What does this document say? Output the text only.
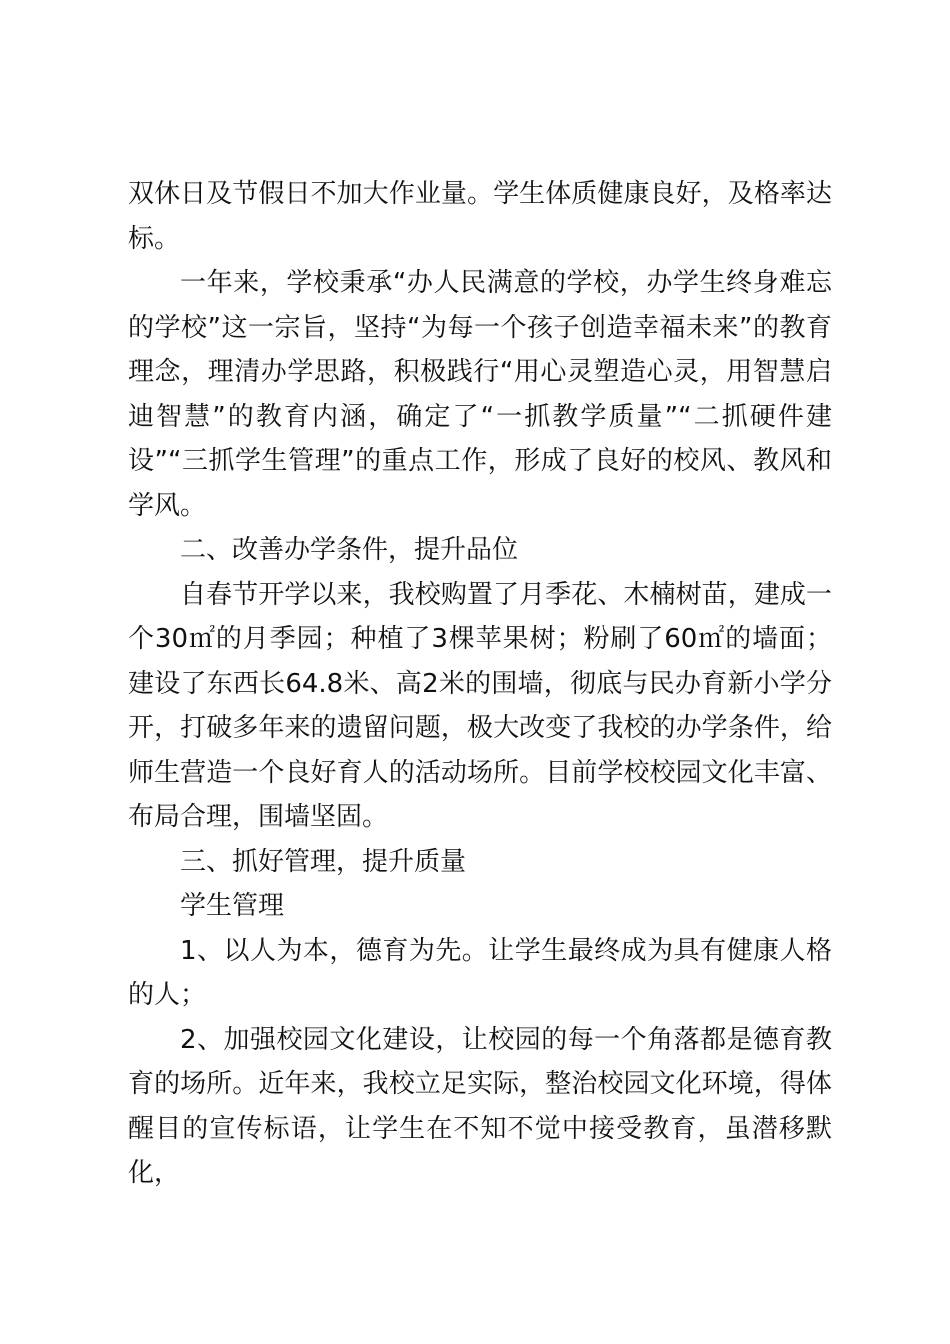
双休日及节假日不加大作业量。学生体质健康良好，及格率达标。

一年来，学校秉承“办人民满意的学校，办学生终身难忘的学校”这一宗旨，坚持“为每一个孩子创造幸福未来”的教育理念，理清办学思路，积极践行“用心灵塑造心灵，用智慧启迪智慧”的教育内涵，确定了“一抓教学质量”“二抓硬件建设”“三抓学生管理”的重点工作，形成了良好的校风、教风和学风。

二、改善办学条件，提升品位

自春节开学以来，我校购置了月季花、木楠树苗，建成一个30㎡的月季园；种植了3棵苹果树；粉刷了60㎡的墙面；建设了东西长64.8米、高2米的围墙，彻底与民办育新小学分开，打破多年来的遗留问题，极大改变了我校的办学条件，给师生营造一个良好育人的活动场所。目前学校校园文化丰富、布局合理，围墙坚固。

三、抓好管理，提升质量

学生管理

1、以人为本，德育为先。让学生最终成为具有健康人格的人；

2、加强校园文化建设，让校园的每一个角落都是德育教育的场所。近年来，我校立足实际，整治校园文化环境，得体醒目的宣传标语，让学生在不知不觉中接受教育，虽潜移默化，
